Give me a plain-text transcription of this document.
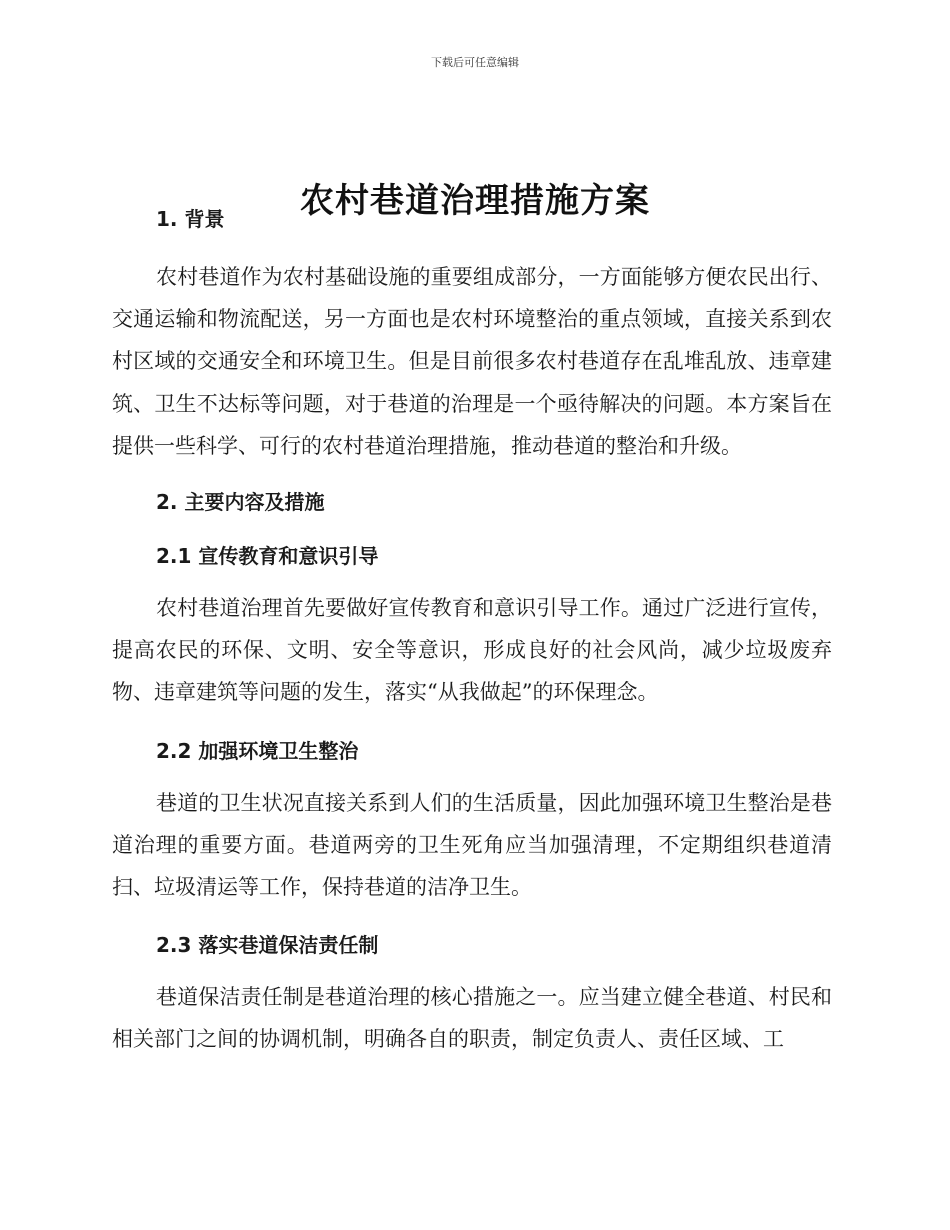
下载后可任意编辑
农村巷道治理措施方案
1. 背景

农村巷道作为农村基础设施的重要组成部分，一方面能够方便农民出行、交通运输和物流配送，另一方面也是农村环境整治的重点领域，直接关系到农村区域的交通安全和环境卫生。但是目前很多农村巷道存在乱堆乱放、违章建筑、卫生不达标等问题，对于巷道的治理是一个亟待解决的问题。本方案旨在提供一些科学、可行的农村巷道治理措施，推动巷道的整治和升级。

2. 主要内容及措施
2.1 宣传教育和意识引导

农村巷道治理首先要做好宣传教育和意识引导工作。通过广泛进行宣传，提高农民的环保、文明、安全等意识，形成良好的社会风尚，减少垃圾废弃物、违章建筑等问题的发生，落实“从我做起”的环保理念。

2.2 加强环境卫生整治

巷道的卫生状况直接关系到人们的生活质量，因此加强环境卫生整治是巷道治理的重要方面。巷道两旁的卫生死角应当加强清理，不定期组织巷道清扫、垃圾清运等工作，保持巷道的洁净卫生。

2.3 落实巷道保洁责任制

巷道保洁责任制是巷道治理的核心措施之一。应当建立健全巷道、村民和相关部门之间的协调机制，明确各自的职责，制定负责人、责任区域、工
